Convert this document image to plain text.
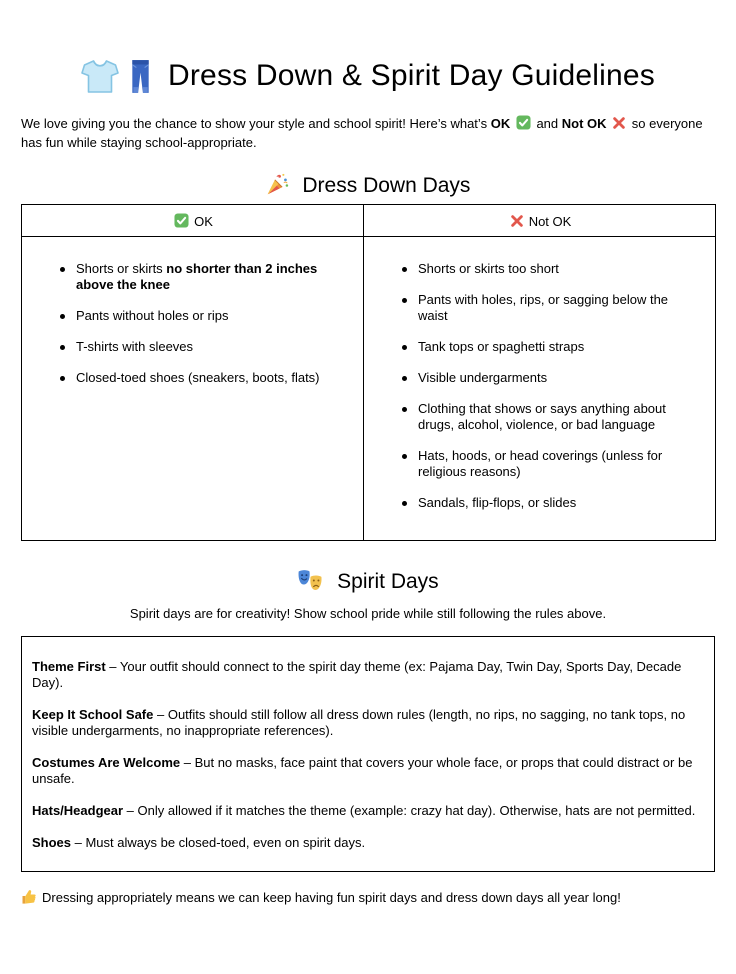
Dress Down & Spirit Day Guidelines

We love giving you the chance to show your style and school spirit! Here’s what’s OK  and Not OK  so everyone has fun while staying school-appropriate.

Dress Down Days
OK	Not OK

Shorts or skirts no shorter than 2 inches above the knee
Pants without holes or rips
T-shirts with sleeves
Closed-toed shoes (sneakers, boots, flats)

Shorts or skirts too short
Pants with holes, rips, or sagging below the waist
Tank tops or spaghetti straps
Visible undergarments
Clothing that shows or says anything about drugs, alcohol, violence, or bad language
Hats, hoods, or head coverings (unless for religious reasons)
Sandals, flip-flops, or slides
Spirit Days

Spirit days are for creativity! Show school pride while still following the rules above.

Theme First – Your outfit should connect to the spirit day theme (ex: Pajama Day, Twin Day, Sports Day, Decade Day).

Keep It School Safe – Outfits should still follow all dress down rules (length, no rips, no sagging, no tank tops, no visible undergarments, no inappropriate references).

Costumes Are Welcome – But no masks, face paint that covers your whole face, or props that could distract or be unsafe.

Hats/Headgear – Only allowed if it matches the theme (example: crazy hat day). Otherwise, hats are not permitted.

Shoes – Must always be closed-toed, even on spirit days.

Dressing appropriately means we can keep having fun spirit days and dress down days all year long!
